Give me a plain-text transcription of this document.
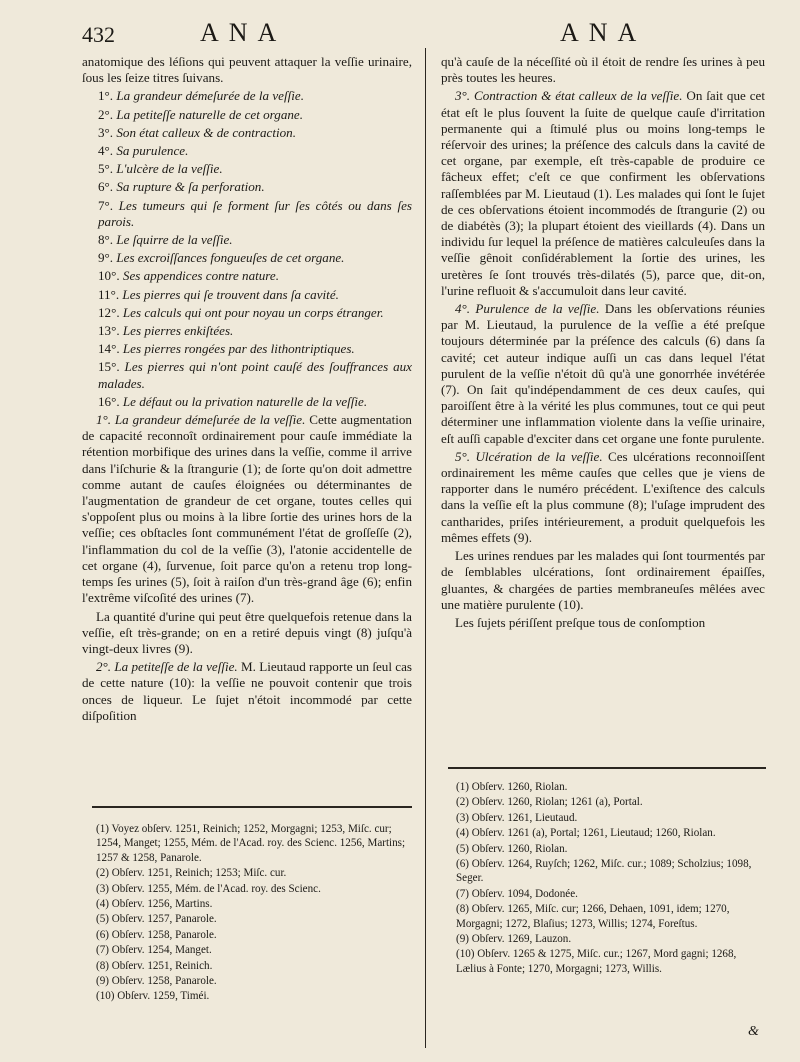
432	ANA	ANA

anatomique des léſions qui peuvent attaquer la veſſie urinaire, ſous les ſeize titres ſuivans.

1°. La grandeur démeſurée de la veſſie.

2°. La petiteſſe naturelle de cet organe.

3°. Son état calleux & de contraction.

4°. Sa purulence.

5°. L'ulcère de la veſſie.

6°. Sa rupture & ſa perforation.

7°. Les tumeurs qui ſe forment ſur ſes côtés ou dans ſes parois.

8°. Le ſquirre de la veſſie.

9°. Les excroiſſances fongueuſes de cet organe.

10°. Ses appendices contre nature.

11°. Les pierres qui ſe trouvent dans ſa cavité.

12°. Les calculs qui ont pour noyau un corps étranger.

13°. Les pierres enkiſtées.

14°. Les pierres rongées par des lithontriptiques.

15°. Les pierres qui n'ont point cauſé des ſouffrances aux malades.

16°. Le défaut ou la privation naturelle de la veſſie.

1°. La grandeur démeſurée de la veſſie. Cette augmentation de capacité reconnoît ordinairement pour cauſe immédiate la rétention morbifique des urines dans la veſſie, comme il arrive dans l'iſchurie & la ſtrangurie (1); de ſorte qu'on doit admettre comme autant de cauſes éloignées ou déterminantes de l'augmentation de grandeur de cet organe, toutes celles qui s'oppoſent plus ou moins à la libre ſortie des urines hors de la veſſie; ces obſtacles ſont communément l'état de groſſeſſe (2), l'inflammation du col de la veſſie (3), l'atonie accidentelle de cet organe (4), ſurvenue, ſoit parce qu'on a retenu trop long-temps ſes urines (5), ſoit à raiſon d'un très-grand âge (6); enfin l'extrême viſcoſité des urines (7).

La quantité d'urine qui peut être quelquefois retenue dans la veſſie, eſt très-grande; on en a retiré depuis vingt (8) juſqu'à vingt-deux livres (9).

2°. La petiteſſe de la veſſie. M. Lieutaud rapporte un ſeul cas de cette nature (10): la veſſie ne pouvoit contenir que trois onces de liqueur. Le ſujet n'étoit incommodé par cette diſpoſition

(1) Voyez obſerv. 1251, Reinich; 1252, Morgagni; 1253, Miſc. cur; 1254, Manget; 1255, Mém. de l'Acad. roy. des Scienc. 1256, Martins; 1257 & 1258, Panarole.

(2) Obſerv. 1251, Reinich; 1253; Miſc. cur.

(3) Obſerv. 1255, Mém. de l'Acad. roy. des Scienc.

(4) Obſerv. 1256, Martins.

(5) Obſerv. 1257, Panarole.

(6) Obſerv. 1258, Panarole.

(7) Obſerv. 1254, Manget.

(8) Obſerv. 1251, Reinich.

(9) Obſerv. 1258, Panarole.

(10) Obſerv. 1259, Timéi.

qu'à cauſe de la néceſſité où il étoit de rendre ſes urines à peu près toutes les heures.

3°. Contraction & état calleux de la veſſie. On ſait que cet état eſt le plus ſouvent la ſuite de quelque cauſe d'irritation permanente qui a ſtimulé plus ou moins long-temps le réſervoir des urines; la préſence des calculs dans la cavité de cet organe, par exemple, eſt très-capable de produire ce fâcheux effet; c'eſt ce que confirment les obſervations raſſemblées par M. Lieutaud (1). Les malades qui ſont le ſujet de ces obſervations étoient incommodés de ſtrangurie (2) ou de diabétès (3); la plupart étoient des vieillards (4). Dans un individu ſur lequel la préſence de matières calculeuſes dans la veſſie gênoit conſidérablement la ſortie des urines, les uretères ſe ſont trouvés très-dilatés (5), parce que, dit-on, l'urine refluoit & s'accumuloit dans leur cavité.

4°. Purulence de la veſſie. Dans les obſervations réunies par M. Lieutaud, la purulence de la veſſie a été preſque toujours déterminée par la préſence des calculs (6) dans ſa cavité; cet auteur indique auſſi un cas dans lequel l'état purulent de la veſſie n'étoit dû qu'à une gonorrhée invétérée (7). On ſait qu'indépendamment de ces deux cauſes, qui paroiſſent être à la vérité les plus communes, tout ce qui peut déterminer une inflammation violente dans la veſſie urinaire, eſt auſſi capable d'exciter dans cet organe une fonte purulente.

5°. Ulcération de la veſſie. Ces ulcérations reconnoiſſent ordinairement les même cauſes que celles que je viens de rapporter dans le numéro précédent. L'exiſtence des calculs dans la veſſie eſt la plus commune (8); l'uſage imprudent des cantharides, priſes intérieurement, a produit quelquefois les mêmes effets (9).

Les urines rendues par les malades qui ſont tourmentés par de ſemblables ulcérations, ſont ordinairement épaiſſes, gluantes, & chargées de parties membraneuſes mêlées avec une matière purulente (10).

Les ſujets périſſent preſque tous de conſomption

(1) Obſerv. 1260, Riolan.

(2) Obſerv. 1260, Riolan; 1261 (a), Portal.

(3) Obſerv. 1261, Lieutaud.

(4) Obſerv. 1261 (a), Portal; 1261, Lieutaud; 1260, Riolan.

(5) Obſerv. 1260, Riolan.

(6) Obſerv. 1264, Ruyſch; 1262, Miſc. cur.; 1089; Scholzius; 1098, Seger.

(7) Obſerv. 1094, Dodonée.

(8) Obſerv. 1265, Miſc. cur; 1266, Dehaen, 1091, idem; 1270, Morgagni; 1272, Blaſius; 1273, Willis; 1274, Foreſtus.

(9) Obſerv. 1269, Lauzon.

(10) Obſerv. 1265 & 1275, Miſc. cur.; 1267, Mord gagni; 1268, Lælius à Fonte; 1270, Morgagni; 1273, Willis.

&
